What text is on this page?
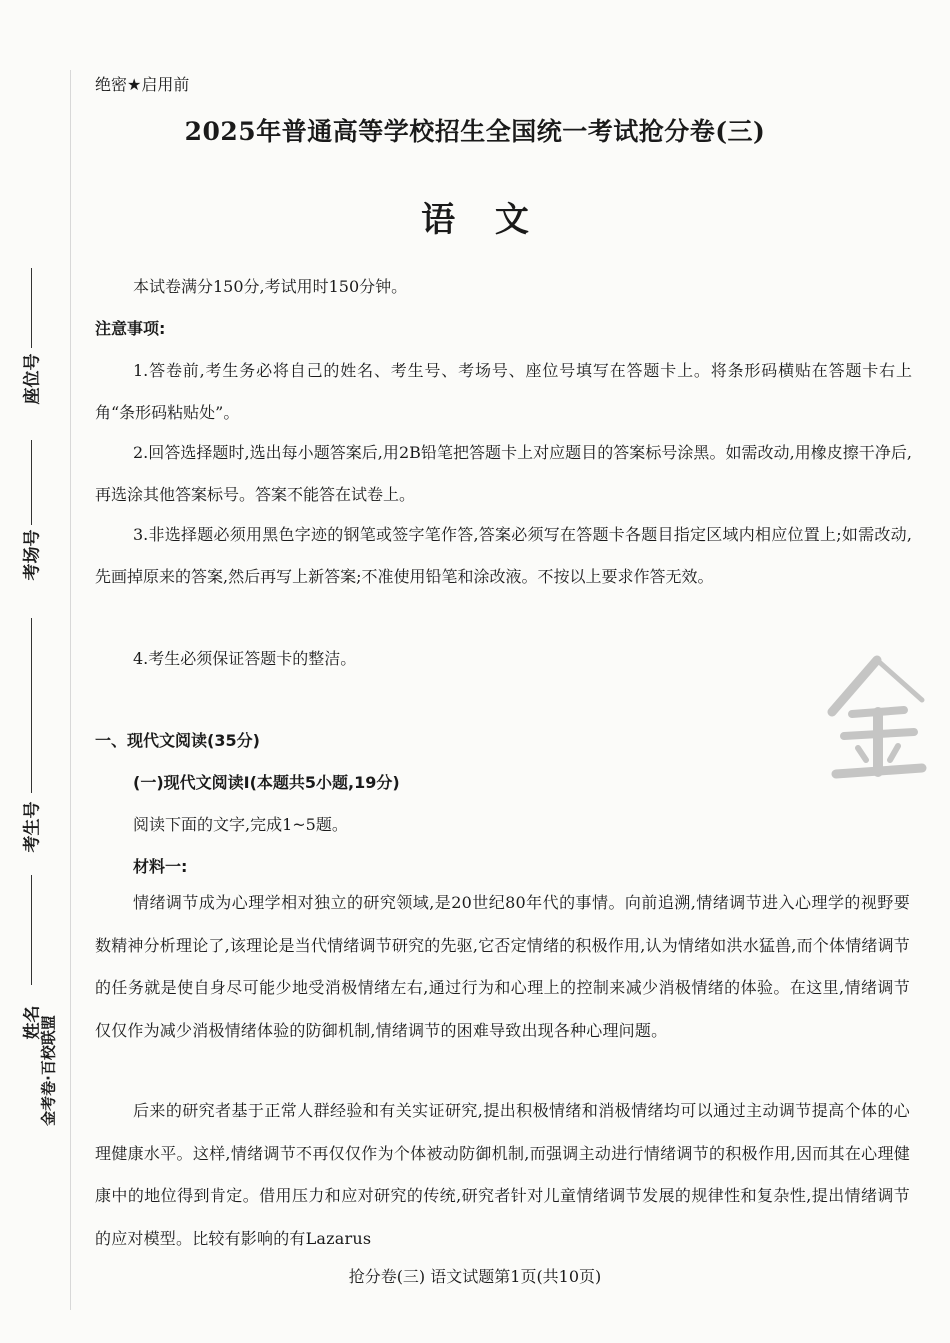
座位号
考场号
考生号
姓名
金考卷·百校联盟
绝密★启用前
2025年普通高等学校招生全国统一考试抢分卷(三)
语 文
本试卷满分150分,考试用时150分钟。
注意事项:
1.答卷前,考生务必将自己的姓名、考生号、考场号、座位号填写在答题卡上。将条形码横贴在答题卡右上角“条形码粘贴处”。
2.回答选择题时,选出每小题答案后,用2B铅笔把答题卡上对应题目的答案标号涂黑。如需改动,用橡皮擦干净后,再选涂其他答案标号。答案不能答在试卷上。
3.非选择题必须用黑色字迹的钢笔或签字笔作答,答案必须写在答题卡各题目指定区域内相应位置上;如需改动,先画掉原来的答案,然后再写上新答案;不准使用铅笔和涂改液。不按以上要求作答无效。
4.考生必须保证答题卡的整洁。
一、现代文阅读(35分)
(一)现代文阅读Ⅰ(本题共5小题,19分)
阅读下面的文字,完成1~5题。
材料一:
情绪调节成为心理学相对独立的研究领域,是20世纪80年代的事情。向前追溯,情绪调节进入心理学的视野要数精神分析理论了,该理论是当代情绪调节研究的先驱,它否定情绪的积极作用,认为情绪如洪水猛兽,而个体情绪调节的任务就是使自身尽可能少地受消极情绪左右,通过行为和心理上的控制来减少消极情绪的体验。在这里,情绪调节仅仅作为减少消极情绪体验的防御机制,情绪调节的困难导致出现各种心理问题。
后来的研究者基于正常人群经验和有关实证研究,提出积极情绪和消极情绪均可以通过主动调节提高个体的心理健康水平。这样,情绪调节不再仅仅作为个体被动防御机制,而强调主动进行情绪调节的积极作用,因而其在心理健康中的地位得到肯定。借用压力和应对研究的传统,研究者针对儿童情绪调节发展的规律性和复杂性,提出情绪调节的应对模型。比较有影响的有Lazarus
抢分卷(三) 语文试题第1页(共10页)
